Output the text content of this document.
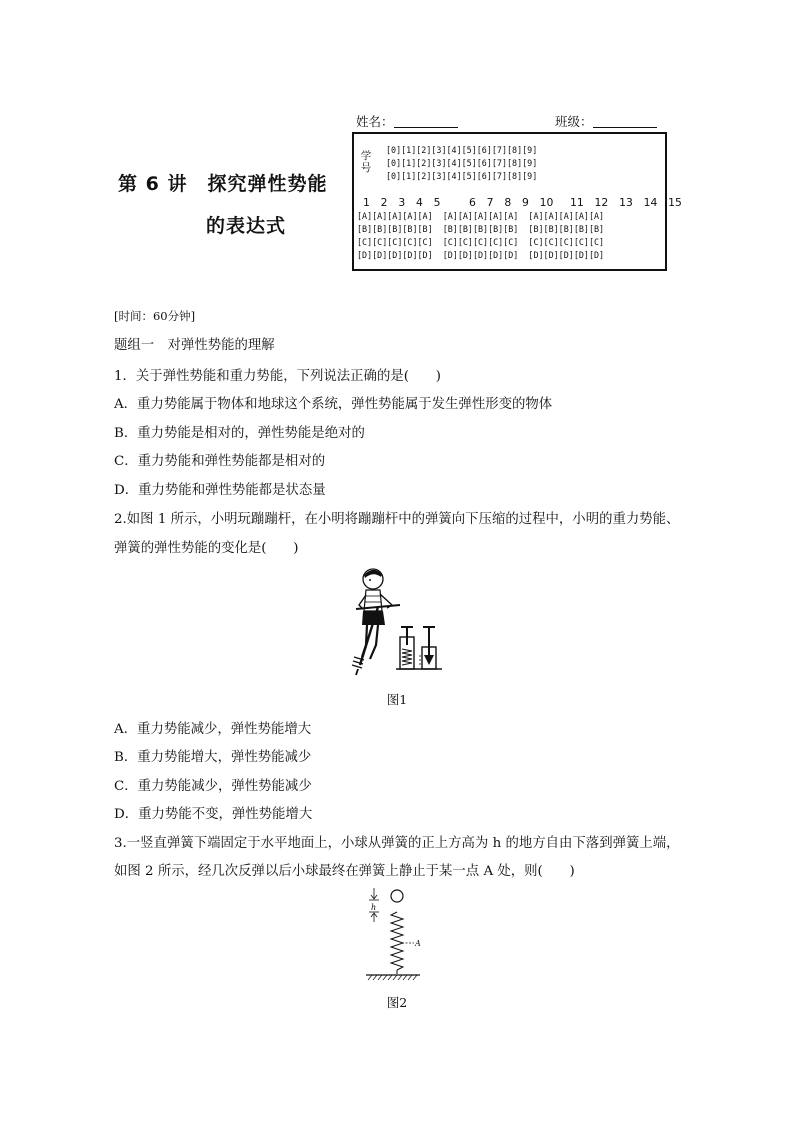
姓名：	班级：
第 6 讲　探究弹性势能
的表达式
学号
[0][1][2][3][4][5][6][7][8][9]
[0][1][2][3][4][5][6][7][8][9]
[0][1][2][3][4][5][6][7][8][9]
1　2　3　4　5	6　7　8　9　10 11　12　13　14　15
[A][A][A][A][A]  [A][A][A][A][A]  [A][A][A][A][A]
[B][B][B][B][B]  [B][B][B][B][B]  [B][B][B][B][B]
[C][C][C][C][C]  [C][C][C][C][C]  [C][C][C][C][C]
[D][D][D][D][D]  [D][D][D][D][D]  [D][D][D][D][D]
[时间：60分钟]
题组一　对弹性势能的理解
1．关于弹性势能和重力势能，下列说法正确的是(　　)
A．重力势能属于物体和地球这个系统，弹性势能属于发生弹性形变的物体
B．重力势能是相对的，弹性势能是绝对的
C．重力势能和弹性势能都是相对的
D．重力势能和弹性势能都是状态量
2.如图 1 所示，小明玩蹦蹦杆，在小明将蹦蹦杆中的弹簧向下压缩的过程中，小明的重力势能、
弹簧的弹性势能的变化是(　　)
图1
A．重力势能减少，弹性势能增大
B．重力势能增大，弹性势能减少
C．重力势能减少，弹性势能减少
D．重力势能不变，弹性势能增大
3.一竖直弹簧下端固定于水平地面上，小球从弹簧的正上方高为 h 的地方自由下落到弹簧上端，
如图 2 所示，经几次反弹以后小球最终在弹簧上静止于某一点 A 处，则(　　)
h
A
图2
